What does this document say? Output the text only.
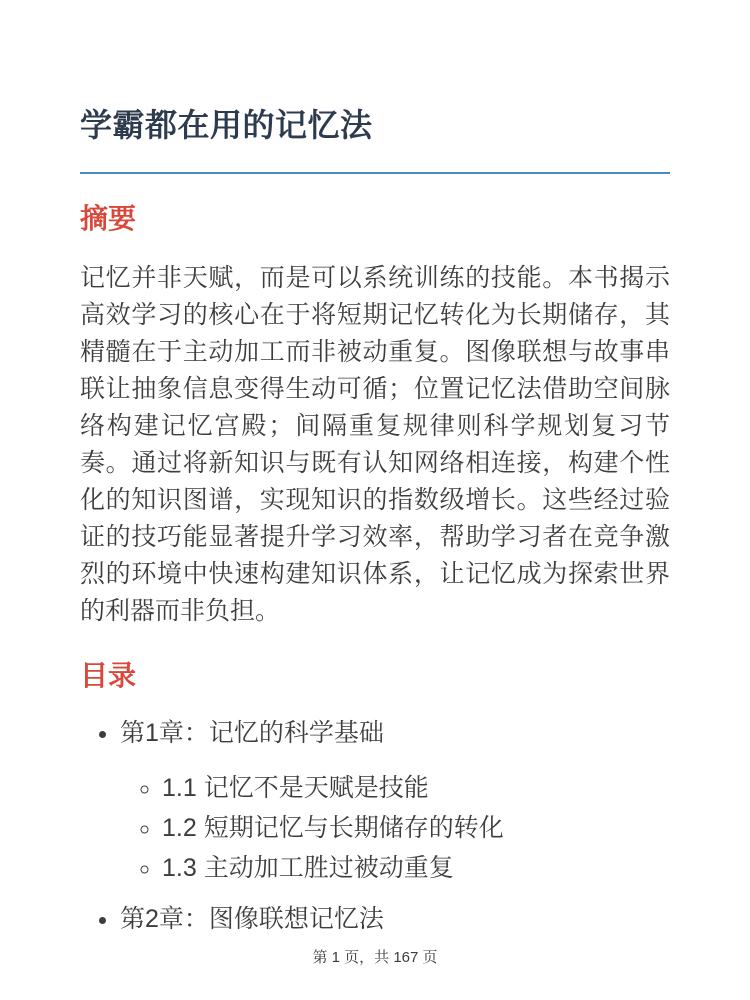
学霸都在用的记忆法
摘要

记忆并非天赋，而是可以系统训练的技能。本书揭示高效学习的核心在于将短期记忆转化为长期储存，其精髓在于主动加工而非被动重复。图像联想与故事串联让抽象信息变得生动可循；位置记忆法借助空间脉络构建记忆宫殿；间隔重复规律则科学规划复习节奏。通过将新知识与既有认知网络相连接，构建个性化的知识图谱，实现知识的指数级增长。这些经过验证的技巧能显著提升学习效率，帮助学习者在竞争激烈的环境中快速构建知识体系，让记忆成为探索世界的利器而非负担。

目录
• 第1章：记忆的科学基础
◦ 1.1 记忆不是天赋是技能
◦ 1.2 短期记忆与长期储存的转化
◦ 1.3 主动加工胜过被动重复
• 第2章：图像联想记忆法
第 1 页，共 167 页
